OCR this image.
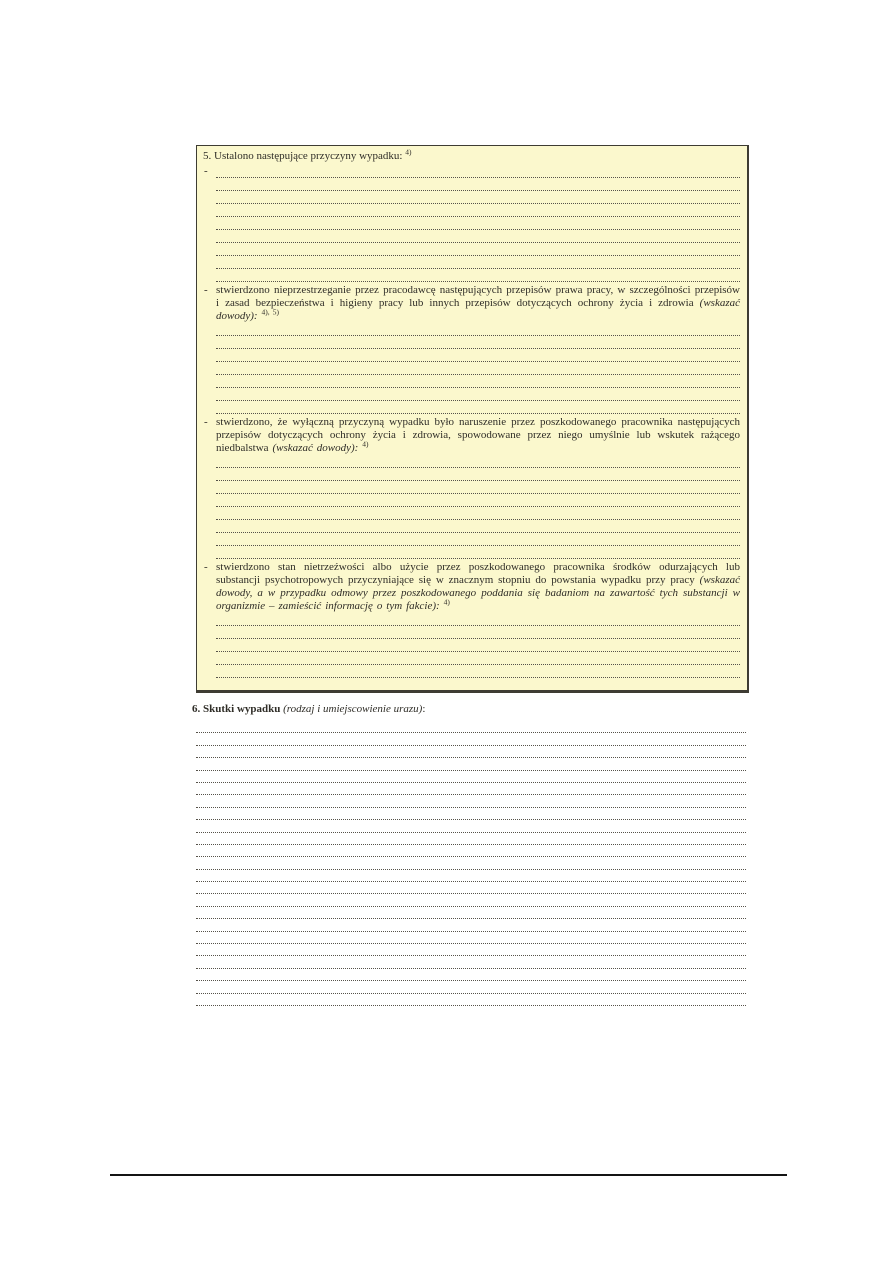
5. Ustalono następujące przyczyny wypadku: $^{4)}$
-

- stwierdzono nieprzestrzeganie przez pracodawcę następujących przepisów prawa pracy, w szczególności przepisów i zasad bezpieczeństwa i higieny pracy lub innych przepisów dotyczących ochrony życia i zdrowia (wskazać dowody): $^{4), 5)}$

- stwierdzono, że wyłączną przyczyną wypadku było naruszenie przez poszkodowanego pracownika następujących przepisów dotyczących ochrony życia i zdrowia, spowodowane przez niego umyślnie lub wskutek rażącego niedbalstwa (wskazać dowody): $^{4)}$

- stwierdzono stan nietrzeźwości albo użycie przez poszkodowanego pracownika środków odurzających lub substancji psychotropowych przyczyniające się w znacznym stopniu do powstania wypadku przy pracy (wskazać dowody, a w przypadku odmowy przez poszkodowanego poddania się badaniom na zawartość tych substancji w organizmie – zamieścić informację o tym fakcie): $^{4)}$

6. Skutki wypadku (rodzaj i umiejscowienie urazu):
